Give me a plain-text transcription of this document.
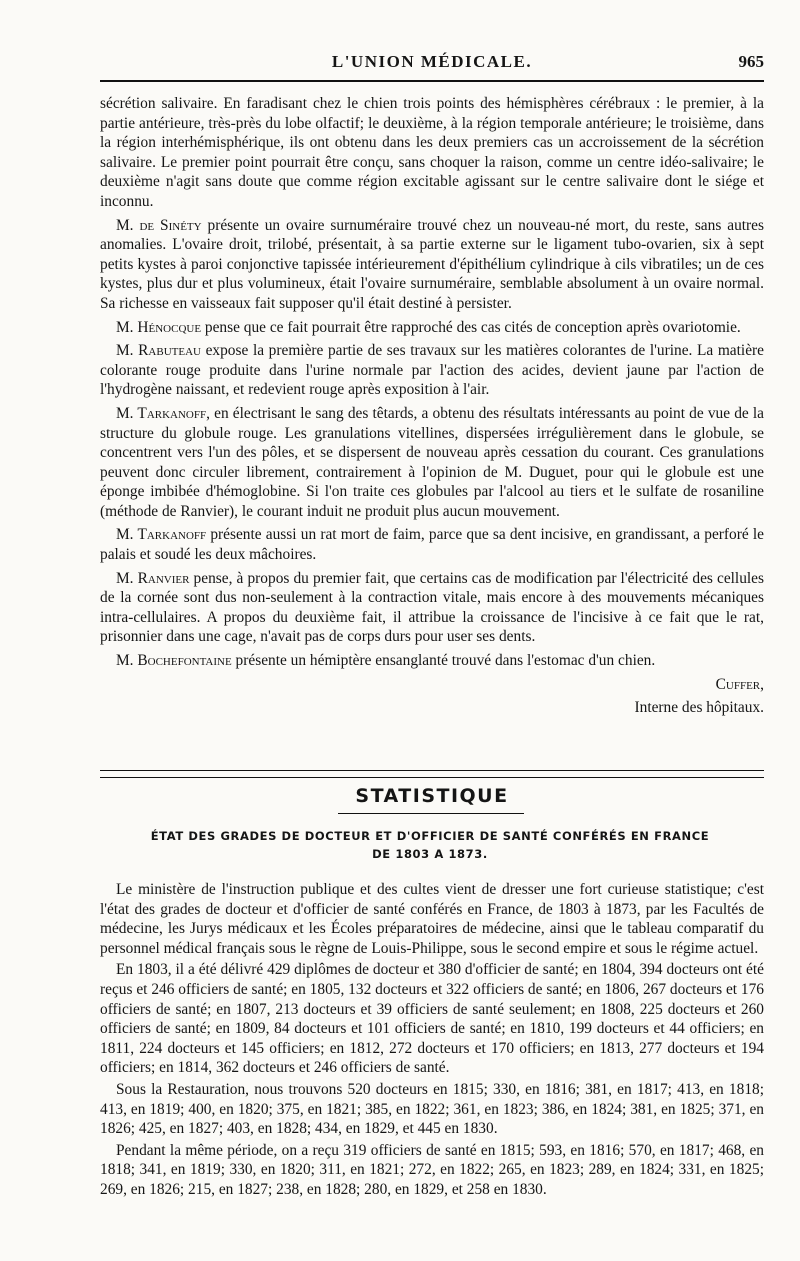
L'UNION MÉDICALE.	965

sécrétion salivaire. En faradisant chez le chien trois points des hémisphères cérébraux : le premier, à la partie antérieure, très-près du lobe olfactif; le deuxième, à la région temporale antérieure; le troisième, dans la région interhémisphérique, ils ont obtenu dans les deux premiers cas un accroissement de la sécrétion salivaire. Le premier point pourrait être conçu, sans choquer la raison, comme un centre idéo-salivaire; le deuxième n'agit sans doute que comme région excitable agissant sur le centre salivaire dont le siége et inconnu.

M. de Sinéty présente un ovaire surnuméraire trouvé chez un nouveau-né mort, du reste, sans autres anomalies. L'ovaire droit, trilobé, présentait, à sa partie externe sur le ligament tubo-ovarien, six à sept petits kystes à paroi conjonctive tapissée intérieurement d'épithélium cylindrique à cils vibratiles; un de ces kystes, plus dur et plus volumineux, était l'ovaire surnuméraire, semblable absolument à un ovaire normal. Sa richesse en vaisseaux fait supposer qu'il était destiné à persister.

M. Hénocque pense que ce fait pourrait être rapproché des cas cités de conception après ovariotomie.

M. Rabuteau expose la première partie de ses travaux sur les matières colorantes de l'urine. La matière colorante rouge produite dans l'urine normale par l'action des acides, devient jaune par l'action de l'hydrogène naissant, et redevient rouge après exposition à l'air.

M. Tarkanoff, en électrisant le sang des têtards, a obtenu des résultats intéressants au point de vue de la structure du globule rouge. Les granulations vitellines, dispersées irrégulièrement dans le globule, se concentrent vers l'un des pôles, et se dispersent de nouveau après cessation du courant. Ces granulations peuvent donc circuler librement, contrairement à l'opinion de M. Duguet, pour qui le globule est une éponge imbibée d'hémoglobine. Si l'on traite ces globules par l'alcool au tiers et le sulfate de rosaniline (méthode de Ranvier), le courant induit ne produit plus aucun mouvement.

M. Tarkanoff présente aussi un rat mort de faim, parce que sa dent incisive, en grandissant, a perforé le palais et soudé les deux mâchoires.

M. Ranvier pense, à propos du premier fait, que certains cas de modification par l'électricité des cellules de la cornée sont dus non-seulement à la contraction vitale, mais encore à des mouvements mécaniques intra-cellulaires. A propos du deuxième fait, il attribue la croissance de l'incisive à ce fait que le rat, prisonnier dans une cage, n'avait pas de corps durs pour user ses dents.

M. Bochefontaine présente un hémiptère ensanglanté trouvé dans l'estomac d'un chien.

Cuffer,

Interne des hôpitaux.

STATISTIQUE
ÉTAT DES GRADES DE DOCTEUR ET D'OFFICIER DE SANTÉ CONFÉRÉS EN FRANCE
DE 1803 A 1873.

Le ministère de l'instruction publique et des cultes vient de dresser une fort curieuse statistique; c'est l'état des grades de docteur et d'officier de santé conférés en France, de 1803 à 1873, par les Facultés de médecine, les Jurys médicaux et les Écoles préparatoires de médecine, ainsi que le tableau comparatif du personnel médical français sous le règne de Louis-Philippe, sous le second empire et sous le régime actuel.

En 1803, il a été délivré 429 diplômes de docteur et 380 d'officier de santé; en 1804, 394 docteurs ont été reçus et 246 officiers de santé; en 1805, 132 docteurs et 322 officiers de santé; en 1806, 267 docteurs et 176 officiers de santé; en 1807, 213 docteurs et 39 officiers de santé seulement; en 1808, 225 docteurs et 260 officiers de santé; en 1809, 84 docteurs et 101 officiers de santé; en 1810, 199 docteurs et 44 officiers; en 1811, 224 docteurs et 145 officiers; en 1812, 272 docteurs et 170 officiers; en 1813, 277 docteurs et 194 officiers; en 1814, 362 docteurs et 246 officiers de santé.

Sous la Restauration, nous trouvons 520 docteurs en 1815; 330, en 1816; 381, en 1817; 413, en 1818; 413, en 1819; 400, en 1820; 375, en 1821; 385, en 1822; 361, en 1823; 386, en 1824; 381, en 1825; 371, en 1826; 425, en 1827; 403, en 1828; 434, en 1829, et 445 en 1830.

Pendant la même période, on a reçu 319 officiers de santé en 1815; 593, en 1816; 570, en 1817; 468, en 1818; 341, en 1819; 330, en 1820; 311, en 1821; 272, en 1822; 265, en 1823; 289, en 1824; 331, en 1825; 269, en 1826; 215, en 1827; 238, en 1828; 280, en 1829, et 258 en 1830.
